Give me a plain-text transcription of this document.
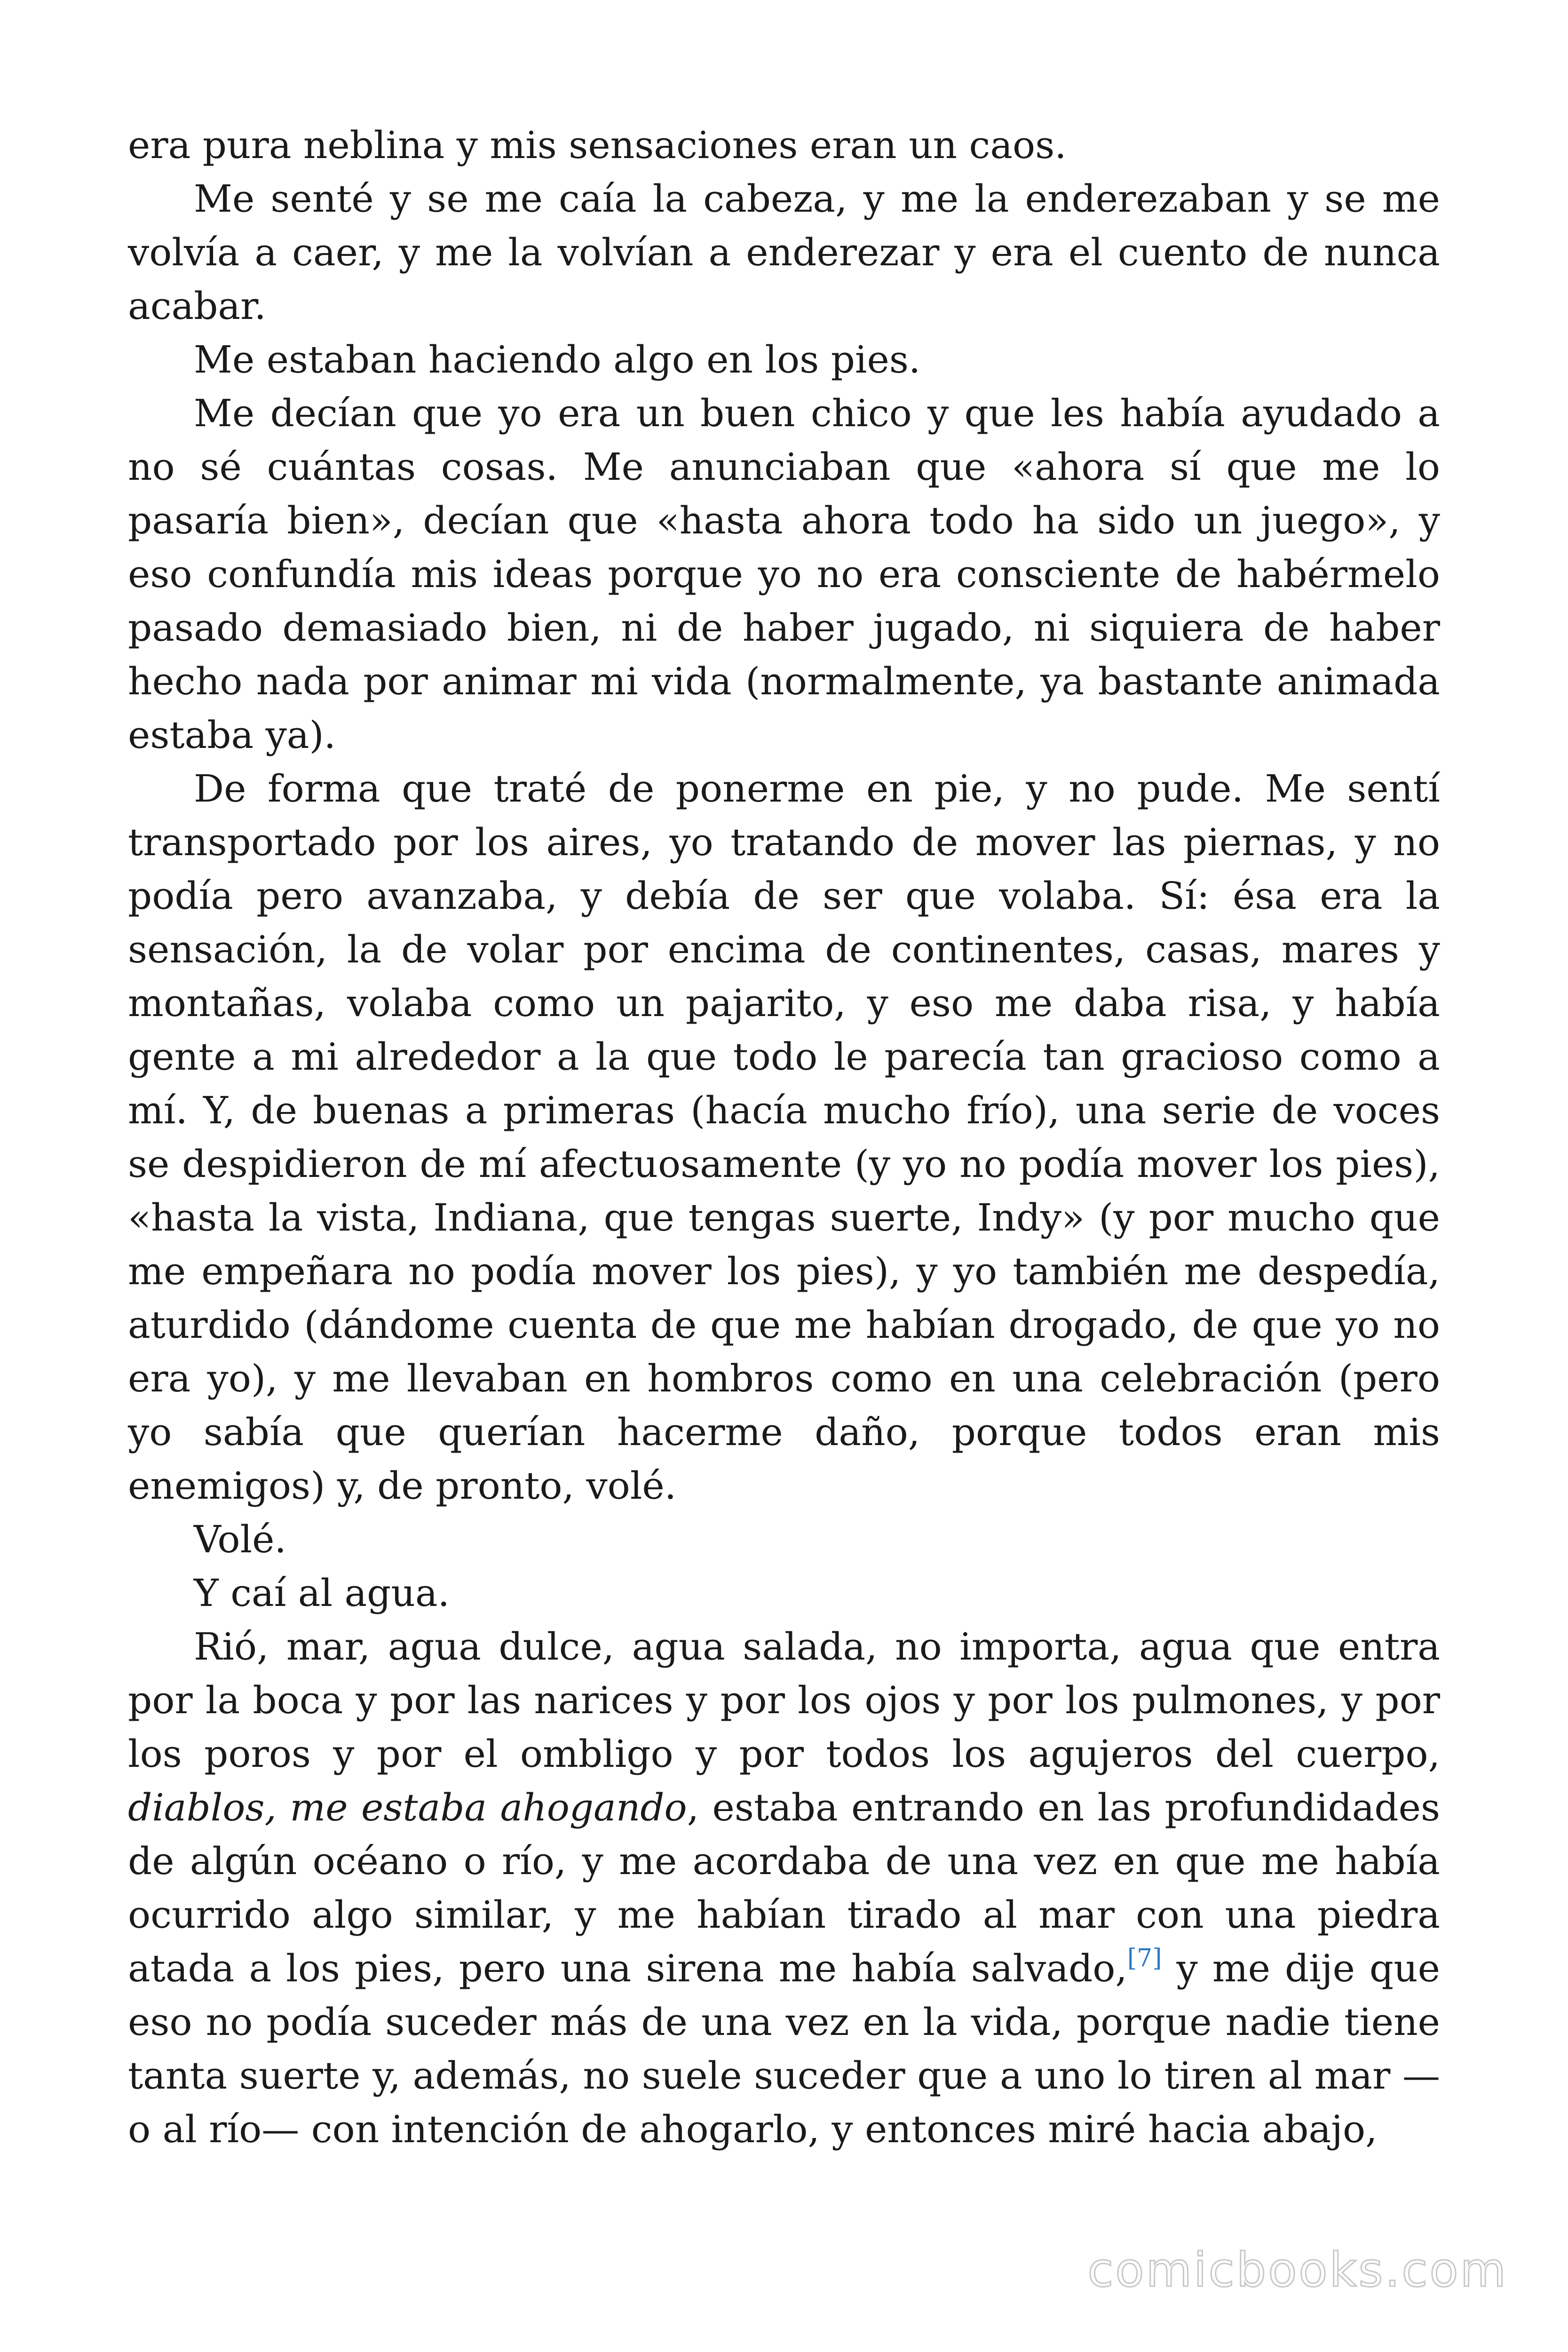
era pura neblina y mis sensaciones eran un caos.

Me senté y se me caía la cabeza, y me la enderezaban y se me volvía a caer, y me la volvían a enderezar y era el cuento de nunca acabar.

Me estaban haciendo algo en los pies.

Me decían que yo era un buen chico y que les había ayudado a no sé cuántas cosas. Me anunciaban que «ahora sí que me lo pasaría bien», decían que «hasta ahora todo ha sido un juego», y eso confundía mis ideas porque yo no era consciente de habérmelo pasado demasiado bien, ni de haber jugado, ni siquiera de haber hecho nada por animar mi vida (normalmente, ya bastante animada estaba ya).

De forma que traté de ponerme en pie, y no pude. Me sentí transportado por los aires, yo tratando de mover las piernas, y no podía pero avanzaba, y debía de ser que volaba. Sí: ésa era la sensación, la de volar por encima de continentes, casas, mares y montañas, volaba como un pajarito, y eso me daba risa, y había gente a mi alrededor a la que todo le parecía tan gracioso como a mí. Y, de buenas a primeras (hacía mucho frío), una serie de voces se despidieron de mí afectuosamente (y yo no podía mover los pies), «hasta la vista, Indiana, que tengas suerte, Indy» (y por mucho que me empeñara no podía mover los pies), y yo también me despedía, aturdido (dándome cuenta de que me habían drogado, de que yo no era yo), y me llevaban en hombros como en una celebración (pero yo sabía que querían hacerme daño, porque todos eran mis enemigos) y, de pronto, volé.

Volé.

Y caí al agua.

Rió, mar, agua dulce, agua salada, no importa, agua que entra por la boca y por las narices y por los ojos y por los pulmones, y por los poros y por el ombligo y por todos los agujeros del cuerpo, diablos, me estaba ahogando, estaba entrando en las profundidades de algún océano o río, y me acordaba de una vez en que me había ocurrido algo similar, y me habían tirado al mar con una piedra atada a los pies, pero una sirena me había salvado,[7] y me dije que eso no podía suceder más de una vez en la vida, porque nadie tiene tanta suerte y, además, no suele suceder que a uno lo tiren al mar —o al río— con intención de ahogarlo, y entonces miré hacia abajo,

comicbooks.com
